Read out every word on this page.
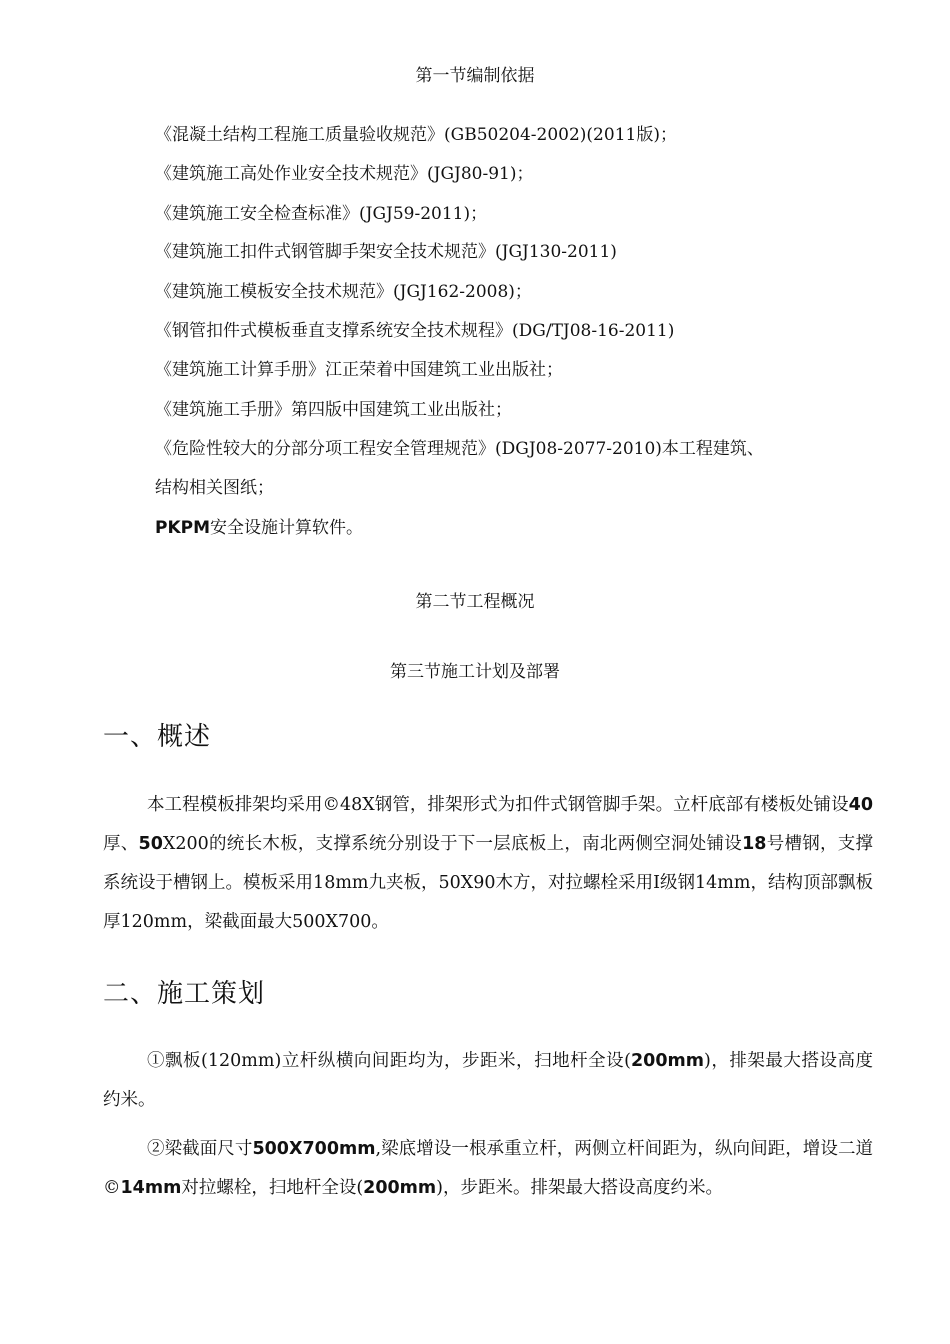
第一节编制依据
《混凝土结构工程施工质量验收规范》(GB50204-2002)(2011版)；
《建筑施工高处作业安全技术规范》(JGJ80-91)；
《建筑施工安全检查标准》(JGJ59-2011)；
《建筑施工扣件式钢管脚手架安全技术规范》(JGJ130-2011)
《建筑施工模板安全技术规范》(JGJ162-2008)；
《钢管扣件式模板垂直支撑系统安全技术规程》(DG/TJ08-16-2011)
《建筑施工计算手册》江正荣着中国建筑工业出版社；
《建筑施工手册》第四版中国建筑工业出版社；
《危险性较大的分部分项工程安全管理规范》(DGJ08-2077-2010)本工程建筑、
结构相关图纸；
PKPM安全设施计算软件。
第二节工程概况
第三节施工计划及部署
一、概述
本工程模板排架均采用©48X钢管，排架形式为扣件式钢管脚手架。立杆底部有楼板处铺设40厚、50X200的统长木板，支撑系统分别设于下一层底板上，南北两侧空洞处铺设18号槽钢，支撑系统设于槽钢上。模板采用18mm九夹板，50X90木方，对拉螺栓采用Ⅰ级钢14mm，结构顶部飘板厚120mm，梁截面最大500X700。
二、施工策划
①飘板(120mm)立杆纵横向间距均为，步距米，扫地杆全设(200mm)，排架最大搭设高度约米。
②梁截面尺寸500X700mm,梁底增设一根承重立杆，两侧立杆间距为，纵向间距，增设二道©14mm对拉螺栓，扫地杆全设(200mm)，步距米。排架最大搭设高度约米。
